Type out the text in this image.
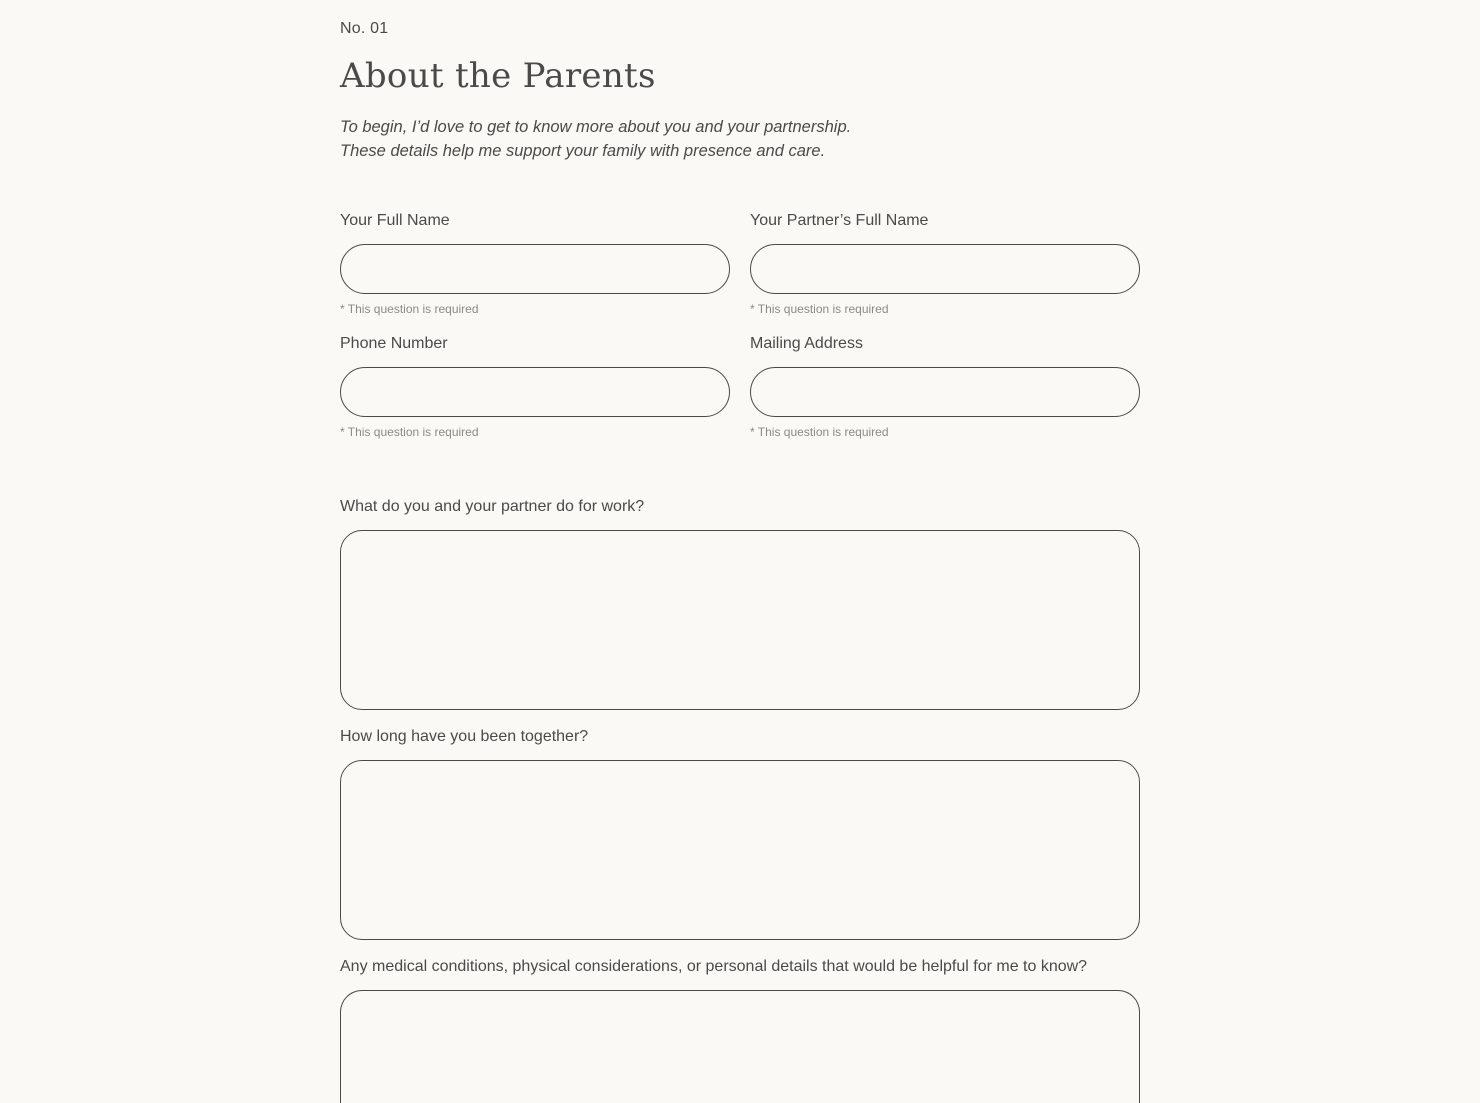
No. 01
About the Parents
To begin, I’d love to get to know more about you and your partnership.
These details help me support your family with presence and care.
Your Full Name
* This question is required
Your Partner’s Full Name
* This question is required
Phone Number
* This question is required
Mailing Address
* This question is required
What do you and your partner do for work?
How long have you been together?
Any medical conditions, physical considerations, or personal details that would be helpful for me to know?
